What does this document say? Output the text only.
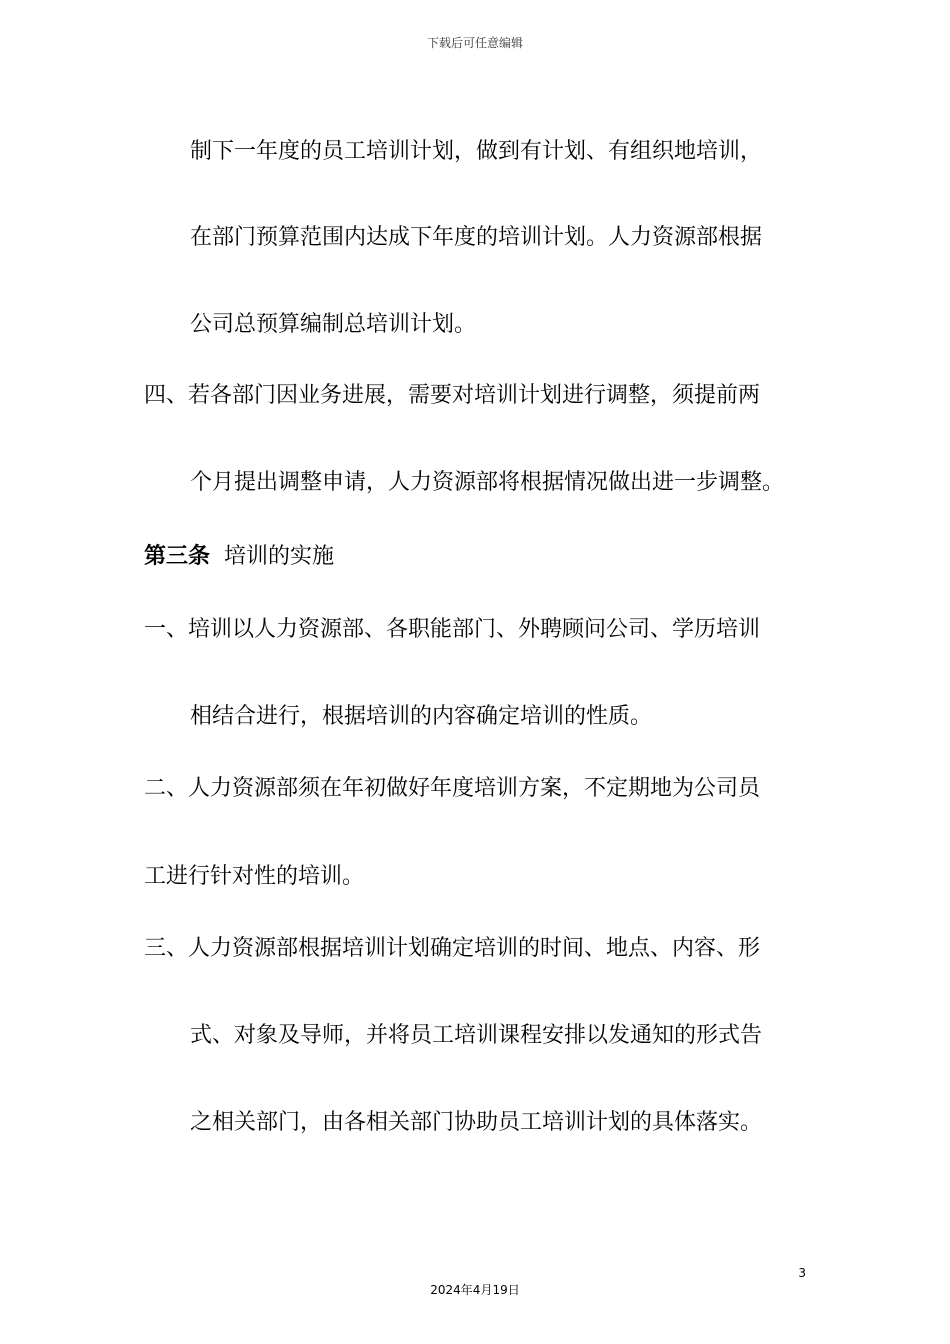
下载后可任意编辑
制下一年度的员工培训计划，做到有计划、有组织地培训，
在部门预算范围内达成下年度的培训计划。人力资源部根据
公司总预算编制总培训计划。
四、若各部门因业务进展，需要对培训计划进行调整，须提前两
个月提出调整申请，人力资源部将根据情况做出进一步调整。
第三条 培训的实施
一、培训以人力资源部、各职能部门、外聘顾问公司、学历培训
相结合进行，根据培训的内容确定培训的性质。
二、人力资源部须在年初做好年度培训方案，不定期地为公司员
工进行针对性的培训。
三、人力资源部根据培训计划确定培训的时间、地点、内容、形
式、对象及导师，并将员工培训课程安排以发通知的形式告
之相关部门，由各相关部门协助员工培训计划的具体落实。
3
2024年4月19日
